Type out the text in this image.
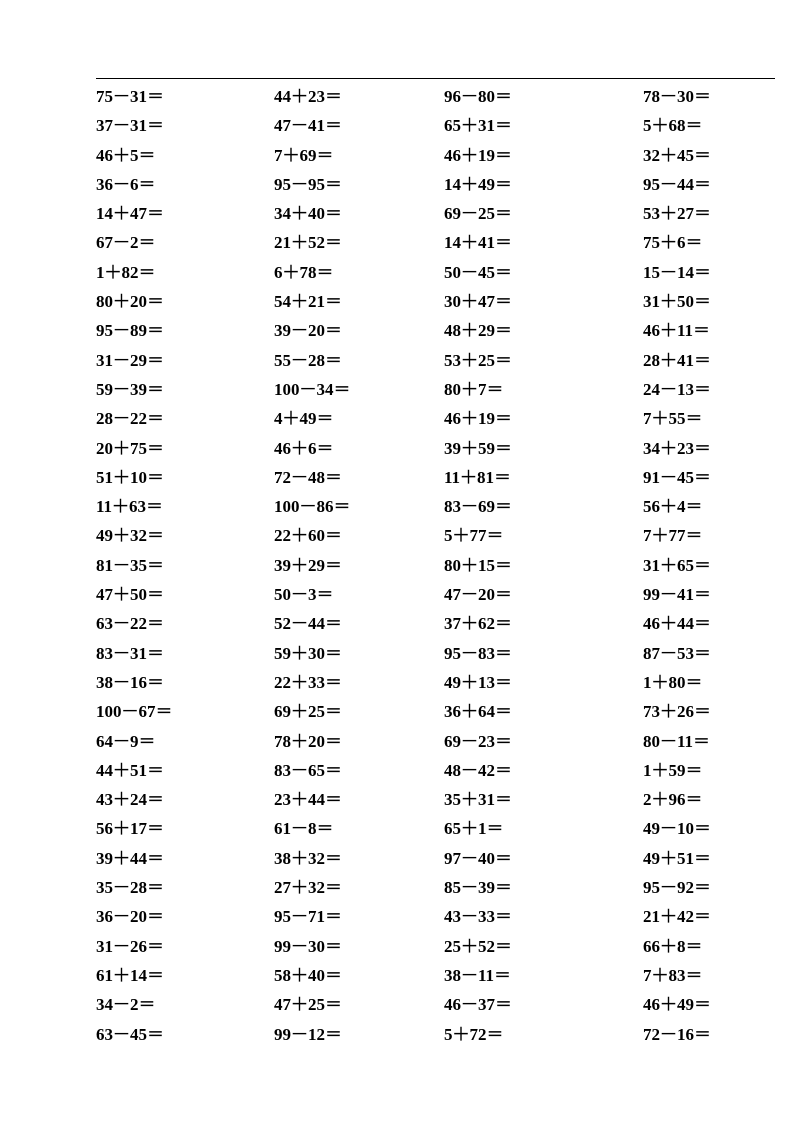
75－31＝	44＋23＝	96－80＝	78－30＝
37－31＝	47－41＝	65＋31＝	5＋68＝
46＋5＝	7＋69＝	46＋19＝	32＋45＝
36－6＝	95－95＝	14＋49＝	95－44＝
14＋47＝	34＋40＝	69－25＝	53＋27＝
67－2＝	21＋52＝	14＋41＝	75＋6＝
1＋82＝	6＋78＝	50－45＝	15－14＝
80＋20＝	54＋21＝	30＋47＝	31＋50＝
95－89＝	39－20＝	48＋29＝	46＋11＝
31－29＝	55－28＝	53＋25＝	28＋41＝
59－39＝	100－34＝	80＋7＝	24－13＝
28－22＝	4＋49＝	46＋19＝	7＋55＝
20＋75＝	46＋6＝	39＋59＝	34＋23＝
51＋10＝	72－48＝	11＋81＝	91－45＝
11＋63＝	100－86＝	83－69＝	56＋4＝
49＋32＝	22＋60＝	5＋77＝	7＋77＝
81－35＝	39＋29＝	80＋15＝	31＋65＝
47＋50＝	50－3＝	47－20＝	99－41＝
63－22＝	52－44＝	37＋62＝	46＋44＝
83－31＝	59＋30＝	95－83＝	87－53＝
38－16＝	22＋33＝	49＋13＝	1＋80＝
100－67＝	69＋25＝	36＋64＝	73＋26＝
64－9＝	78＋20＝	69－23＝	80－11＝
44＋51＝	83－65＝	48－42＝	1＋59＝
43＋24＝	23＋44＝	35＋31＝	2＋96＝
56＋17＝	61－8＝	65＋1＝	49－10＝
39＋44＝	38＋32＝	97－40＝	49＋51＝
35－28＝	27＋32＝	85－39＝	95－92＝
36－20＝	95－71＝	43－33＝	21＋42＝
31－26＝	99－30＝	25＋52＝	66＋8＝
61＋14＝	58＋40＝	38－11＝	7＋83＝
34－2＝	47＋25＝	46－37＝	46＋49＝
63－45＝	99－12＝	5＋72＝	72－16＝
